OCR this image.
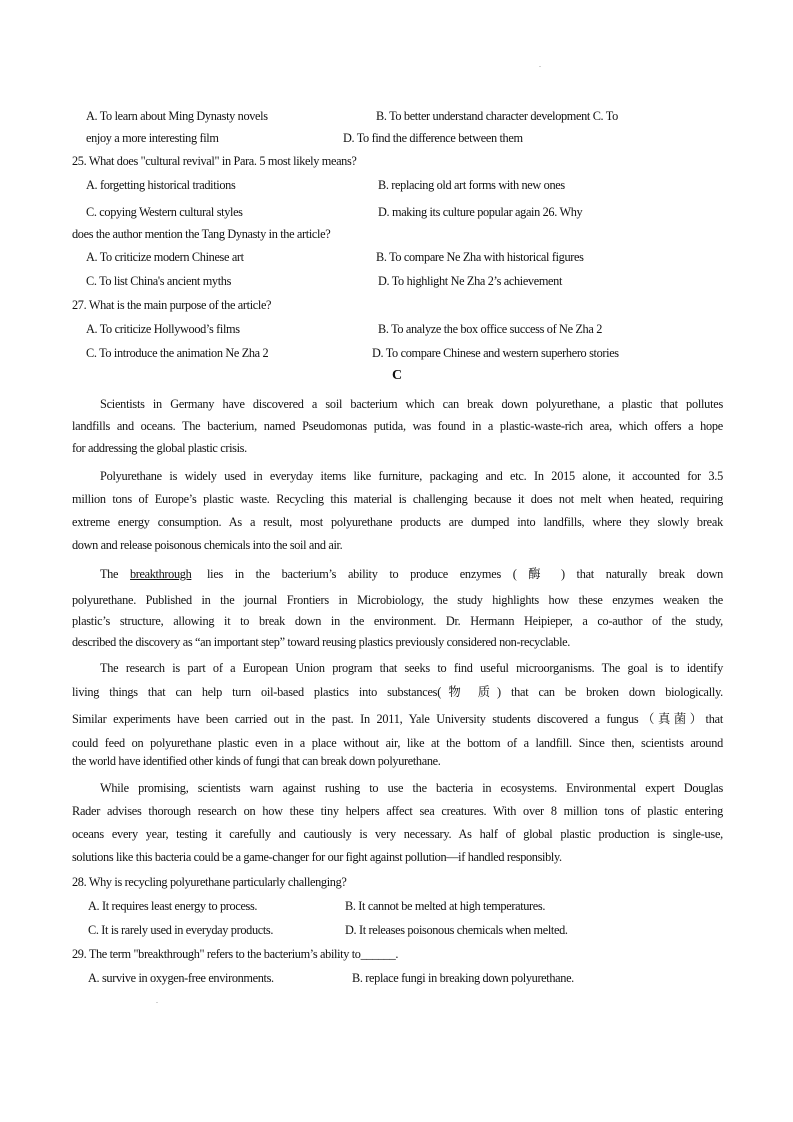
.
A. To learn about Ming Dynasty novels	B. To better understand character development C. To
enjoy a more interesting film	D. To find the difference between them
25. What does "cultural revival" in Para. 5 most likely means?
A. forgetting historical traditions	B. replacing old art forms with new ones
C. copying Western cultural styles	D. making its culture popular again 26. Why
does the author mention the Tang Dynasty in the article?
A. To criticize modern Chinese art	B. To compare Ne Zha with historical figures
C. To list China's ancient myths	D. To highlight Ne Zha 2’s achievement
27. What is the main purpose of the article?
A. To criticize Hollywood’s films	B. To analyze the box office success of Ne Zha 2
C. To introduce the animation Ne Zha 2	D. To compare Chinese and western superhero stories
C
Scientists in Germany have discovered a soil bacterium which can break down polyurethane, a plastic that pollutes
landfills and oceans. The bacterium, named Pseudomonas putida, was found in a plastic-waste-rich area, which offers a hope
for addressing the global plastic crisis.
Polyurethane is widely used in everyday items like furniture, packaging and etc. In 2015 alone, it accounted for 3.5
million tons of Europe’s plastic waste. Recycling this material is challenging because it does not melt when heated, requiring
extreme energy consumption. As a result, most polyurethane products are dumped into landfills, where they slowly break
down and release poisonous chemicals into the soil and air.
The breakthrough lies in the bacterium’s ability to produce enzymes ( 酶 ) that naturally break down
polyurethane. Published in the journal Frontiers in Microbiology, the study highlights how these enzymes weaken the
plastic’s structure, allowing it to break down in the environment. Dr. Hermann Heipieper, a co-author of the study,
described the discovery as “an important step” toward reusing plastics previously considered non-recyclable.
The research is part of a European Union program that seeks to find useful microorganisms. The goal is to identify
living things that can help turn oil-based plastics into substances(物 质) that can be broken down biologically.
Similar experiments have been carried out in the past. In 2011, Yale University students discovered a fungus（真菌）that
could feed on polyurethane plastic even in a place without air, like at the bottom of a landfill. Since then, scientists around
the world have identified other kinds of fungi that can break down polyurethane.
While promising, scientists warn against rushing to use the bacteria in ecosystems. Environmental expert Douglas
Rader advises thorough research on how these tiny helpers affect sea creatures. With over 8 million tons of plastic entering
oceans every year, testing it carefully and cautiously is very necessary. As half of global plastic production is single-use,
solutions like this bacteria could be a game-changer for our fight against pollution—if handled responsibly.
28. Why is recycling polyurethane particularly challenging?
A. It requires least energy to process.	B. It cannot be melted at high temperatures.
C. It is rarely used in everyday products.	D. It releases poisonous chemicals when melted.
29. The term "breakthrough" refers to the bacterium’s ability to______.
A. survive in oxygen-free environments.	B. replace fungi in breaking down polyurethane.
.
